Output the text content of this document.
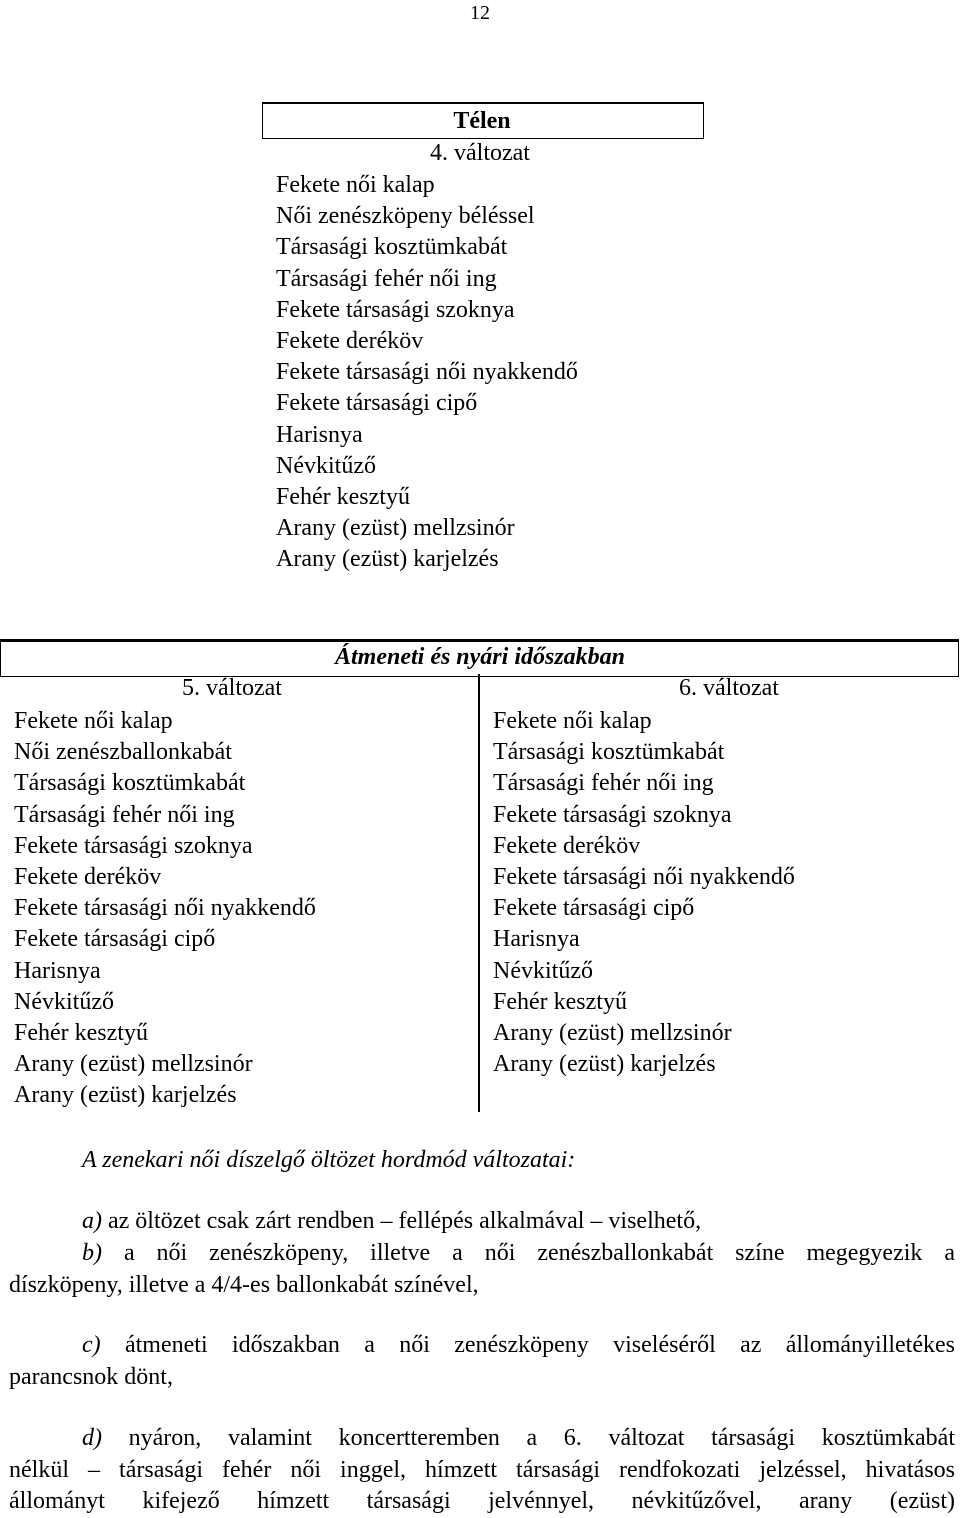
12
Télen
4. változat
Fekete női kalap
Női zenészköpeny béléssel
Társasági kosztümkabát
Társasági fehér női ing
Fekete társasági szoknya
Fekete deréköv
Fekete társasági női nyakkendő
Fekete társasági cipő
Harisnya
Névkitűző
Fehér kesztyű
Arany (ezüst) mellzsinór
Arany (ezüst) karjelzés
Átmeneti és nyári időszakban
5. változat	6. változat
Fekete női kalap
Női zenészballonkabát
Társasági kosztümkabát
Társasági fehér női ing
Fekete társasági szoknya
Fekete deréköv
Fekete társasági női nyakkendő
Fekete társasági cipő
Harisnya
Névkitűző
Fehér kesztyű
Arany (ezüst) mellzsinór
Arany (ezüst) karjelzés
Fekete női kalap
Társasági kosztümkabát
Társasági fehér női ing
Fekete társasági szoknya
Fekete deréköv
Fekete társasági női nyakkendő
Fekete társasági cipő
Harisnya
Névkitűző
Fehér kesztyű
Arany (ezüst) mellzsinór
Arany (ezüst) karjelzés
A zenekari női díszelgő öltözet hordmód változatai:
a) az öltözet csak zárt rendben – fellépés alkalmával – viselhető,
b) a női zenészköpeny, illetve a női zenészballonkabát színe megegyezik a
díszköpeny, illetve a 4/4-es ballonkabát színével,
c) átmeneti időszakban a női zenészköpeny viseléséről az állományilletékes
parancsnok dönt,
d) nyáron, valamint koncertteremben a 6. változat társasági kosztümkabát
nélkül – társasági fehér női inggel, hímzett társasági rendfokozati jelzéssel, hivatásos
állományt kifejező hímzett társasági jelvénnyel, névkitűzővel, arany (ezüst)
